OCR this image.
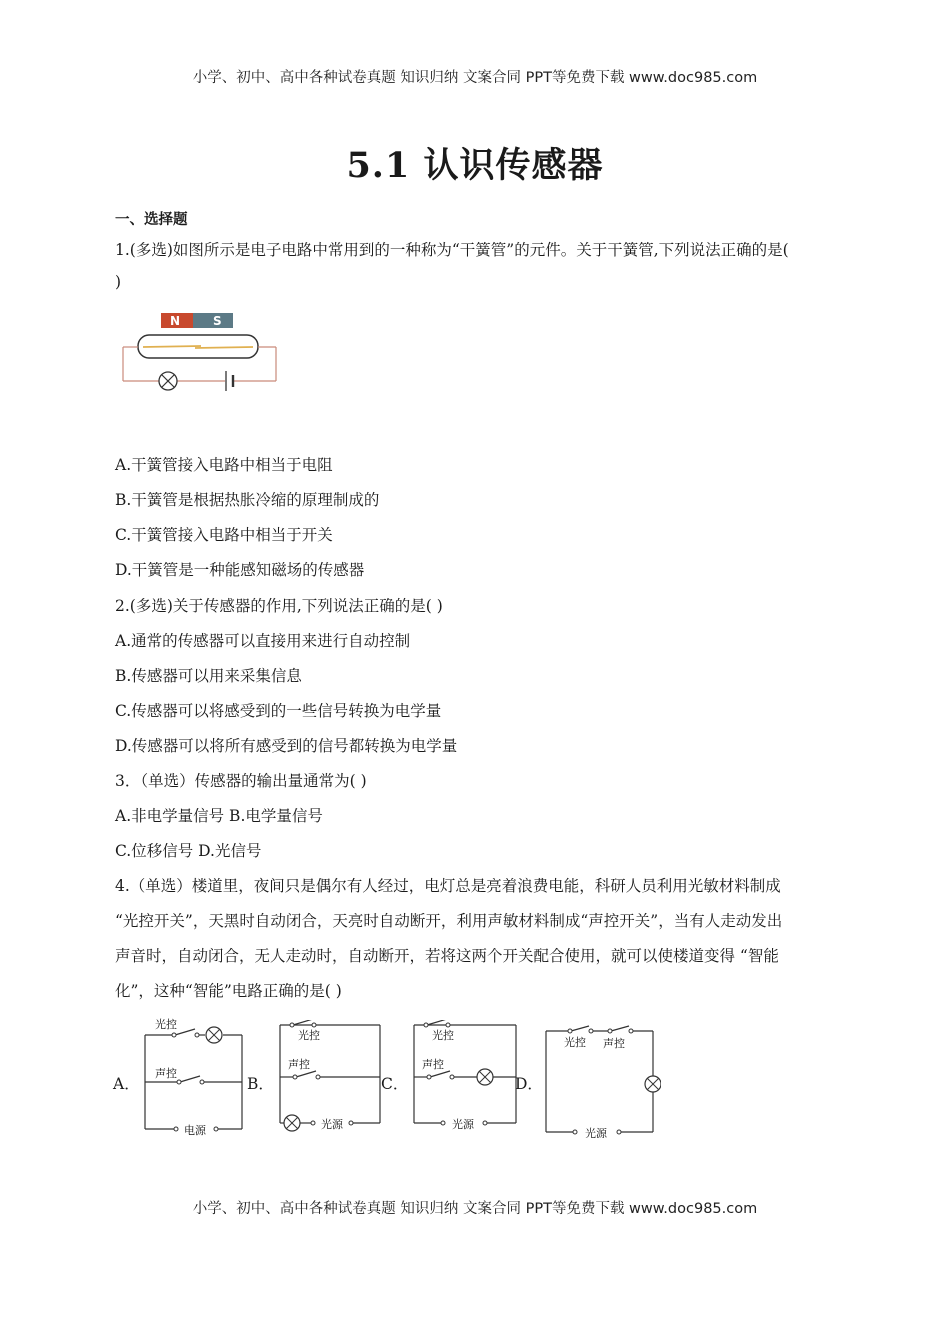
小学、初中、高中各种试卷真题 知识归纳 文案合同 PPT等免费下载 www.doc985.com
5.1 认识传感器
一、选择题
1.(多选)如图所示是电子电路中常用到的一种称为“干簧管”的元件。关于干簧管,下列说法正确的是(
)
N	S
A.干簧管接入电路中相当于电阻
B.干簧管是根据热胀冷缩的原理制成的
C.干簧管接入电路中相当于开关
D.干簧管是一种能感知磁场的传感器
2.(多选)关于传感器的作用,下列说法正确的是( )
A.通常的传感器可以直接用来进行自动控制
B.传感器可以用来采集信息
C.传感器可以将感受到的一些信号转换为电学量
D.传感器可以将所有感受到的信号都转换为电学量
3．（单选）传感器的输出量通常为( )
A.非电学量信号 B.电学量信号
C.位移信号 D.光信号
4.（单选）楼道里，夜间只是偶尔有人经过，电灯总是亮着浪费电能，科研人员利用光敏材料制成
“光控开关”，天黑时自动闭合，天亮时自动断开，利用声敏材料制成“声控开关”，当有人走动发出
声音时，自动闭合，无人走动时，自动断开，若将这两个开关配合使用，就可以使楼道变得 “智能
化”，这种“智能”电路正确的是( )
A．	B．	C．	D．
光控
声控
电源
光控
声控
光源
光控
声控
光源
光控 声控
光源
小学、初中、高中各种试卷真题 知识归纳 文案合同 PPT等免费下载 www.doc985.com
